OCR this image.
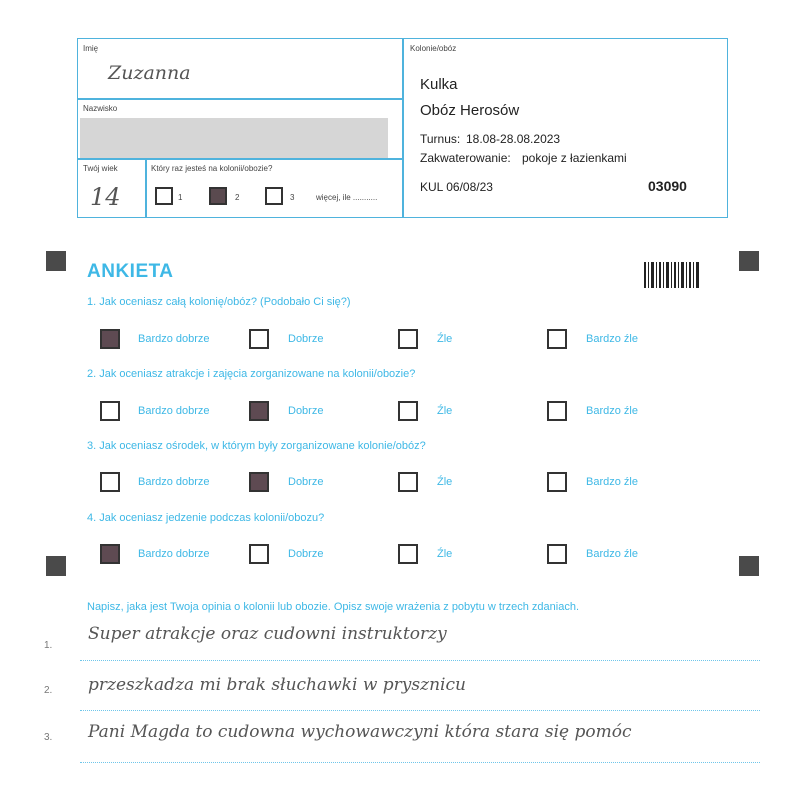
Imię
Zuzanna
Nazwisko
Twój wiek
14
Który raz jesteś na kolonii/obozie?
1	2	3	więcej, ile ...........
Kolonie/obóz
Kulka
Obóz Herosów
Turnus: 18.08-28.08.2023
Zakwaterowanie: pokoje z łazienkami
KUL 06/08/23	03090
ANKIETA
1. Jak oceniasz całą kolonię/obóz? (Podobało Ci się?)
Bardzo dobrze	Dobrze	Źle	Bardzo źle
2. Jak oceniasz atrakcje i zajęcia zorganizowane na kolonii/obozie?
Bardzo dobrze	Dobrze	Źle	Bardzo źle
3. Jak oceniasz ośrodek, w którym były zorganizowane kolonie/obóz?
Bardzo dobrze	Dobrze	Źle	Bardzo źle
4. Jak oceniasz jedzenie podczas kolonii/obozu?
Bardzo dobrze	Dobrze	Źle	Bardzo źle
Napisz, jaka jest Twoja opinia o kolonii lub obozie. Opisz swoje wrażenia z pobytu w trzech zdaniach.
1.
Super atrakcje oraz cudowni instruktorzy
2. przeszkadza mi brak słuchawki w prysznicu
3. Pani Magda to cudowna wychowawczyni która stara się pomóc
